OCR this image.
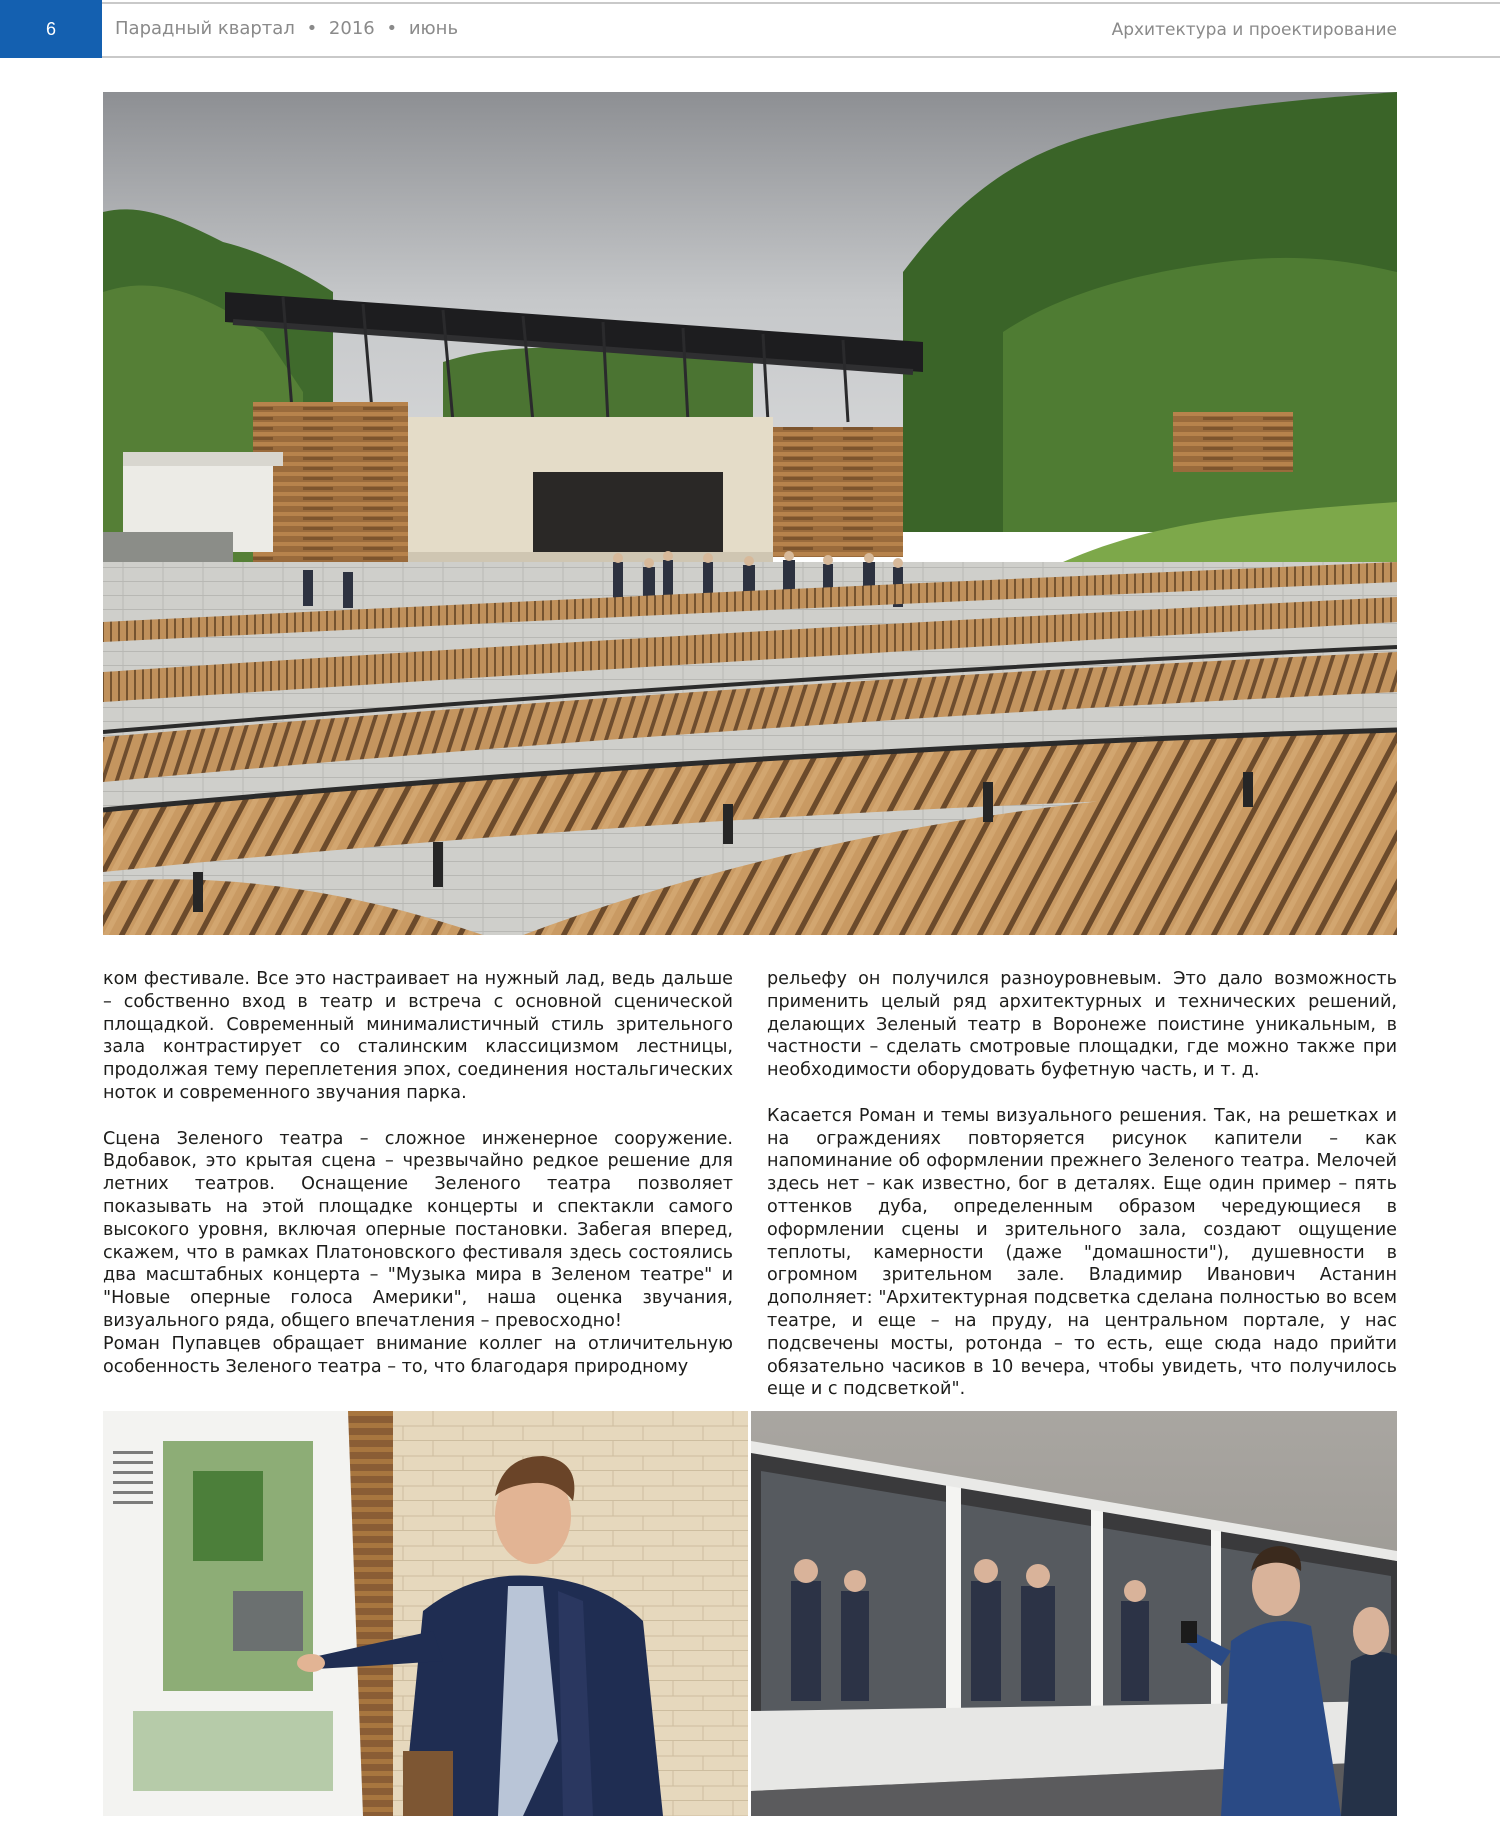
6	Парадный квартал • 2016 • июнь	Архитектура и проектирование

ком фестивале. Все это настраивает на нужный лад, ведь дальше – собственно вход в театр и встреча с основной сценической площадкой. Современный минималистичный стиль зрительного зала контрастирует со сталинским классицизмом лестницы, продолжая тему переплетения эпох, соединения ностальгических ноток и современного звучания парка.

Сцена Зеленого театра – сложное инженерное сооружение. Вдобавок, это крытая сцена – чрезвычайно редкое решение для летних театров. Оснащение Зеленого театра позволяет показывать на этой площадке концерты и спектакли самого высокого уровня, включая оперные постановки. Забегая вперед, скажем, что в рамках Платоновского фестиваля здесь состоялись два масштабных концерта – "Музыка мира в Зеленом театре" и "Новые оперные голоса Америки", наша оценка звучания, визуального ряда, общего впечатления – превосходно!

Роман Пупавцев обращает внимание коллег на отличительную особенность Зеленого театра – то, что благодаря природному

рельефу он получился разноуровневым. Это дало возможность применить целый ряд архитектурных и технических решений, делающих Зеленый театр в Воронеже поистине уникальным, в частности – сделать смотровые площадки, где можно также при необходимости оборудовать буфетную часть, и т. д.

Касается Роман и темы визуального решения. Так, на решетках и на ограждениях повторяется рисунок капители – как напоминание об оформлении прежнего Зеленого театра. Мелочей здесь нет – как известно, бог в деталях. Еще один пример – пять оттенков дуба, определенным образом чередующиеся в оформлении сцены и зрительного зала, создают ощущение теплоты, камерности (даже "домашности"), душевности в огромном зрительном зале. Владимир Иванович Астанин дополняет: "Архитектурная подсветка сделана полностью во всем театре, и еще – на пруду, на центральном портале, у нас подсвечены мосты, ротонда – то есть, еще сюда надо прийти обязательно часиков в 10 вечера, чтобы увидеть, что получилось еще и с подсветкой".
